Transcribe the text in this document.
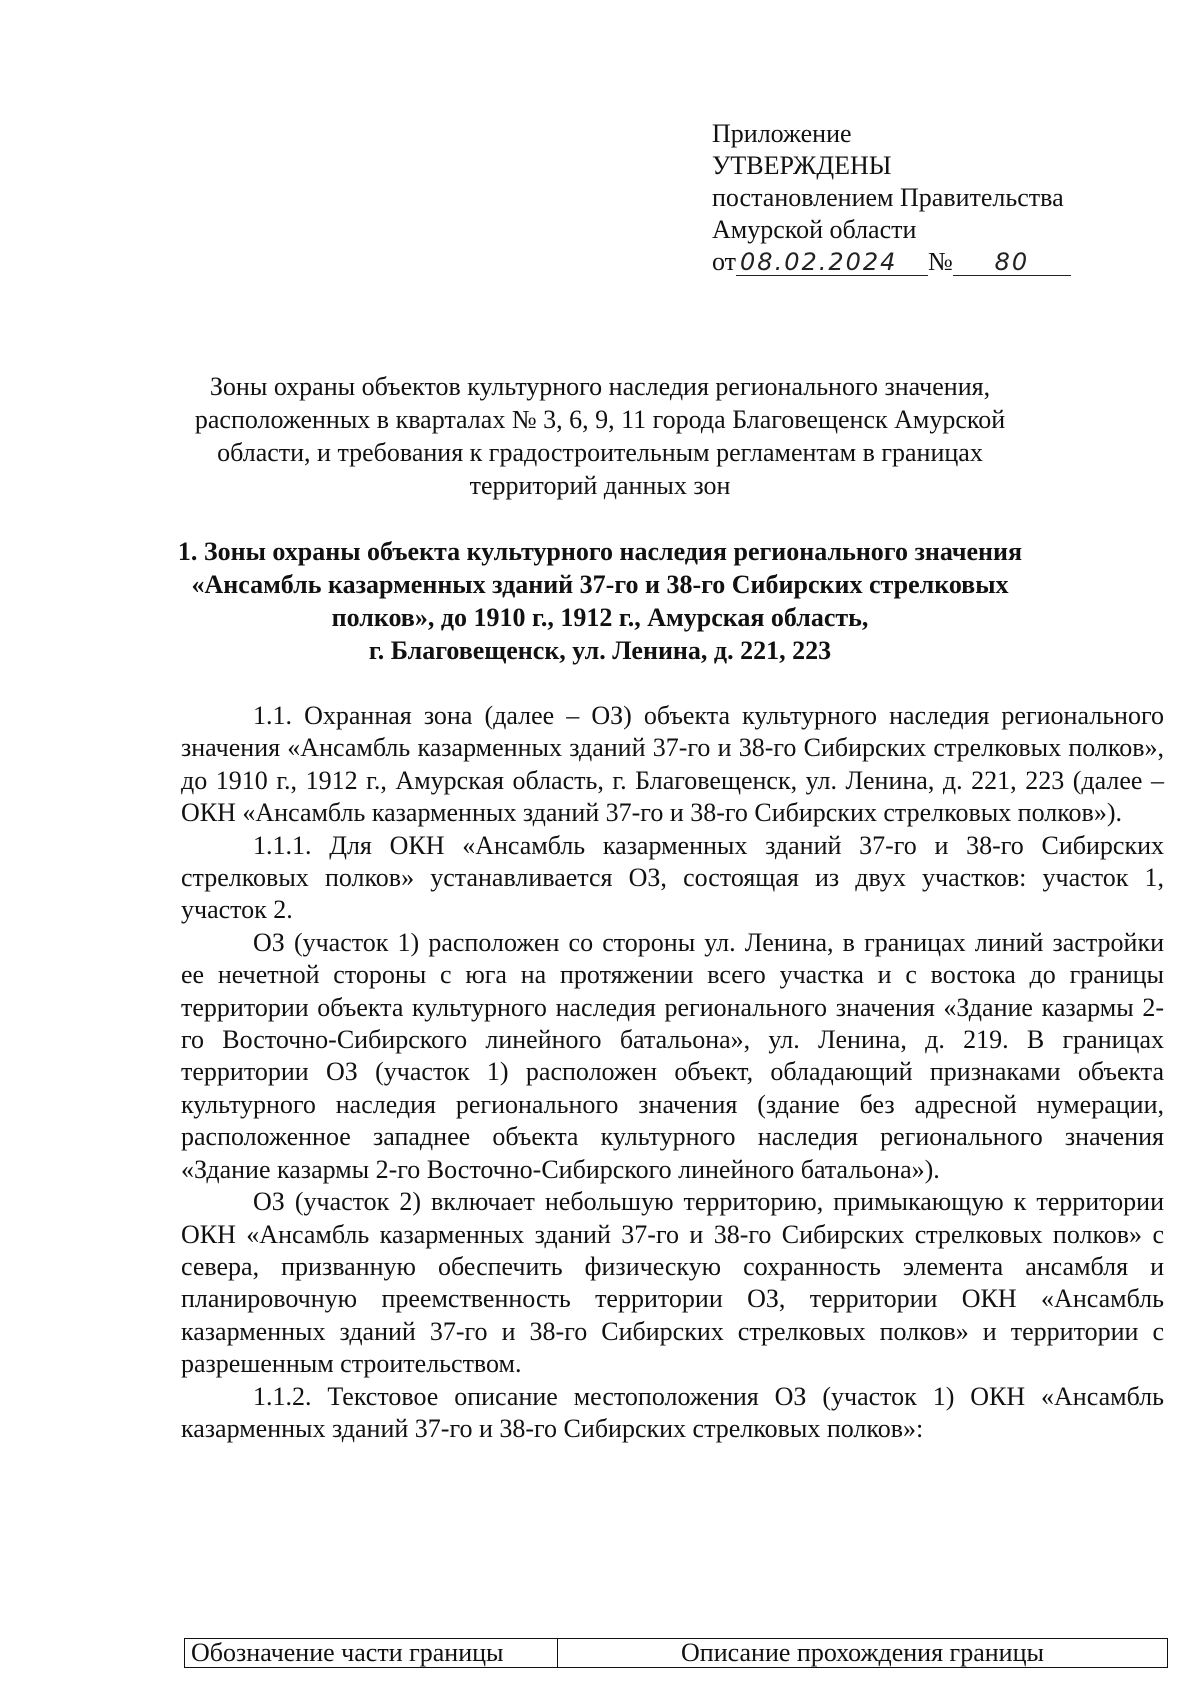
Приложение
УТВЕРЖДЕНЫ
постановлением Правительства
Амурской области
от 08.02.2024	№	80
Зоны охраны объектов культурного наследия регионального значения,
расположенных в кварталах № 3, 6, 9, 11 города Благовещенск Амурской
области, и требования к градостроительным регламентам в границах
территорий данных зон
1. Зоны охраны объекта культурного наследия регионального значения
«Ансамбль казарменных зданий 37-го и 38-го Сибирских стрелковых
полков», до 1910 г., 1912 г., Амурская область,
г. Благовещенск, ул. Ленина, д. 221, 223

1.1. Охранная зона (далее – ОЗ) объекта культурного наследия регионального значения «Ансамбль казарменных зданий 37-го и 38-го Сибирских стрелковых полков», до 1910 г., 1912 г., Амурская область, г. Благовещенск, ул. Ленина, д. 221, 223 (далее – ОКН «Ансамбль казарменных зданий 37-го и 38-го Сибирских стрелковых полков»).

1.1.1. Для ОКН «Ансамбль казарменных зданий 37-го и 38-го Сибирских стрелковых полков» устанавливается ОЗ, состоящая из двух участков: участок 1, участок 2.

ОЗ (участок 1) расположен со стороны ул. Ленина, в границах линий застройки ее нечетной стороны с юга на протяжении всего участка и с востока до границы территории объекта культурного наследия регионального значения «Здание казармы 2-го Восточно-Сибирского линейного батальона», ул. Ленина, д. 219. В границах территории ОЗ (участок 1) расположен объект, обладающий признаками объекта культурного наследия регионального значения (здание без адресной нумерации, расположенное западнее объекта культурного наследия регионального значения «Здание казармы 2-го Восточно-Сибирского линейного батальона»).

ОЗ (участок 2) включает небольшую территорию, примыкающую к территории ОКН «Ансамбль казарменных зданий 37-го и 38-го Сибирских стрелковых полков» с севера, призванную обеспечить физическую сохранность элемента ансамбля и планировочную преемственность территории ОЗ, территории ОКН «Ансамбль казарменных зданий 37-го и 38-го Сибирских стрелковых полков» и территории с разрешенным строительством.

1.1.2. Текстовое описание местоположения ОЗ (участок 1) ОКН «Ансамбль казарменных зданий 37-го и 38-го Сибирских стрелковых полков»:

Обозначение части границы	Описание прохождения границы
